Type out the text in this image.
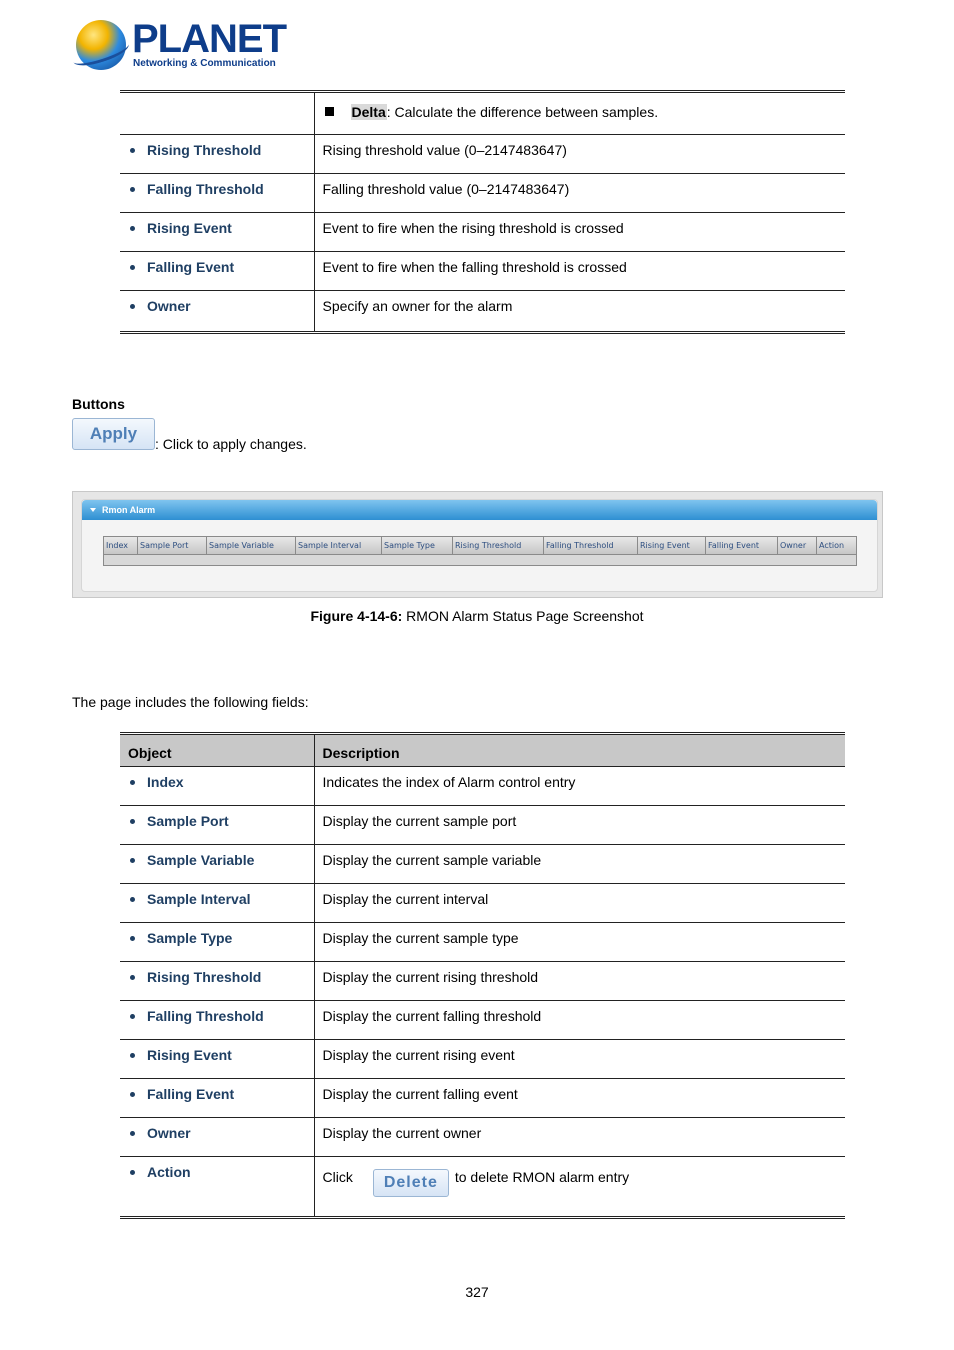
PLANET
Networking & Communication
	Delta: Calculate the difference between samples.

Rising Threshold	Rising threshold value (0–2147483647)

Falling Threshold	Falling threshold value (0–2147483647)

Rising Event	Event to fire when the rising threshold is crossed

Falling Event	Event to fire when the falling threshold is crossed

Owner	Specify an owner for the alarm
Buttons
Apply
: Click to apply changes.
Rmon Alarm
Index	Sample Port	Sample Variable	Sample Interval	Sample Type	Rising Threshold	Falling Threshold	Rising Event	Falling Event	Owner	Action
Figure 4-14-6: RMON Alarm Status Page Screenshot
The page includes the following fields:
Object	Description

Index	Indicates the index of Alarm control entry

Sample Port	Display the current sample port

Sample Variable	Display the current sample variable

Sample Interval	Display the current interval

Sample Type	Display the current sample type

Rising Threshold	Display the current rising threshold

Falling Threshold	Display the current falling threshold

Rising Event	Display the current rising event

Falling Event	Display the current falling event

Owner	Display the current owner

Action	Click Delete to delete RMON alarm entry
327
